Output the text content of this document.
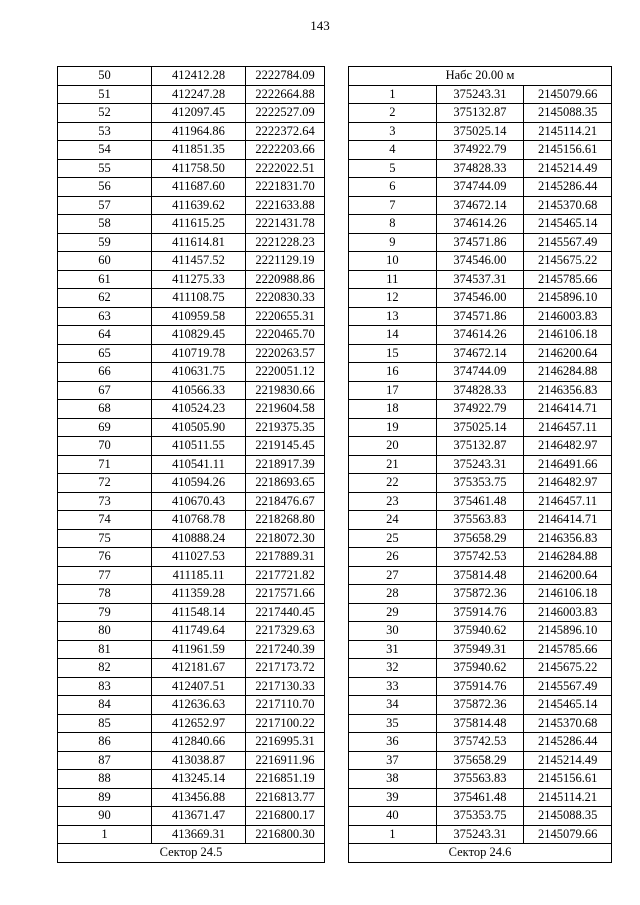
143
50	412412.28	2222784.09
51	412247.28	2222664.88
52	412097.45	2222527.09
53	411964.86	2222372.64
54	411851.35	2222203.66
55	411758.50	2222022.51
56	411687.60	2221831.70
57	411639.62	2221633.88
58	411615.25	2221431.78
59	411614.81	2221228.23
60	411457.52	2221129.19
61	411275.33	2220988.86
62	411108.75	2220830.33
63	410959.58	2220655.31
64	410829.45	2220465.70
65	410719.78	2220263.57
66	410631.75	2220051.12
67	410566.33	2219830.66
68	410524.23	2219604.58
69	410505.90	2219375.35
70	410511.55	2219145.45
71	410541.11	2218917.39
72	410594.26	2218693.65
73	410670.43	2218476.67
74	410768.78	2218268.80
75	410888.24	2218072.30
76	411027.53	2217889.31
77	411185.11	2217721.82
78	411359.28	2217571.66
79	411548.14	2217440.45
80	411749.64	2217329.63
81	411961.59	2217240.39
82	412181.67	2217173.72
83	412407.51	2217130.33
84	412636.63	2217110.70
85	412652.97	2217100.22
86	412840.66	2216995.31
87	413038.87	2216911.96
88	413245.14	2216851.19
89	413456.88	2216813.77
90	413671.47	2216800.17
1	413669.31	2216800.30
Сектор 24.5		
Набс 20.00 м		
1	375243.31	2145079.66
2	375132.87	2145088.35
3	375025.14	2145114.21
4	374922.79	2145156.61
5	374828.33	2145214.49
6	374744.09	2145286.44
7	374672.14	2145370.68
8	374614.26	2145465.14
9	374571.86	2145567.49
10	374546.00	2145675.22
11	374537.31	2145785.66
12	374546.00	2145896.10
13	374571.86	2146003.83
14	374614.26	2146106.18
15	374672.14	2146200.64
16	374744.09	2146284.88
17	374828.33	2146356.83
18	374922.79	2146414.71
19	375025.14	2146457.11
20	375132.87	2146482.97
21	375243.31	2146491.66
22	375353.75	2146482.97
23	375461.48	2146457.11
24	375563.83	2146414.71
25	375658.29	2146356.83
26	375742.53	2146284.88
27	375814.48	2146200.64
28	375872.36	2146106.18
29	375914.76	2146003.83
30	375940.62	2145896.10
31	375949.31	2145785.66
32	375940.62	2145675.22
33	375914.76	2145567.49
34	375872.36	2145465.14
35	375814.48	2145370.68
36	375742.53	2145286.44
37	375658.29	2145214.49
38	375563.83	2145156.61
39	375461.48	2145114.21
40	375353.75	2145088.35
1	375243.31	2145079.66
Сектор 24.6		
